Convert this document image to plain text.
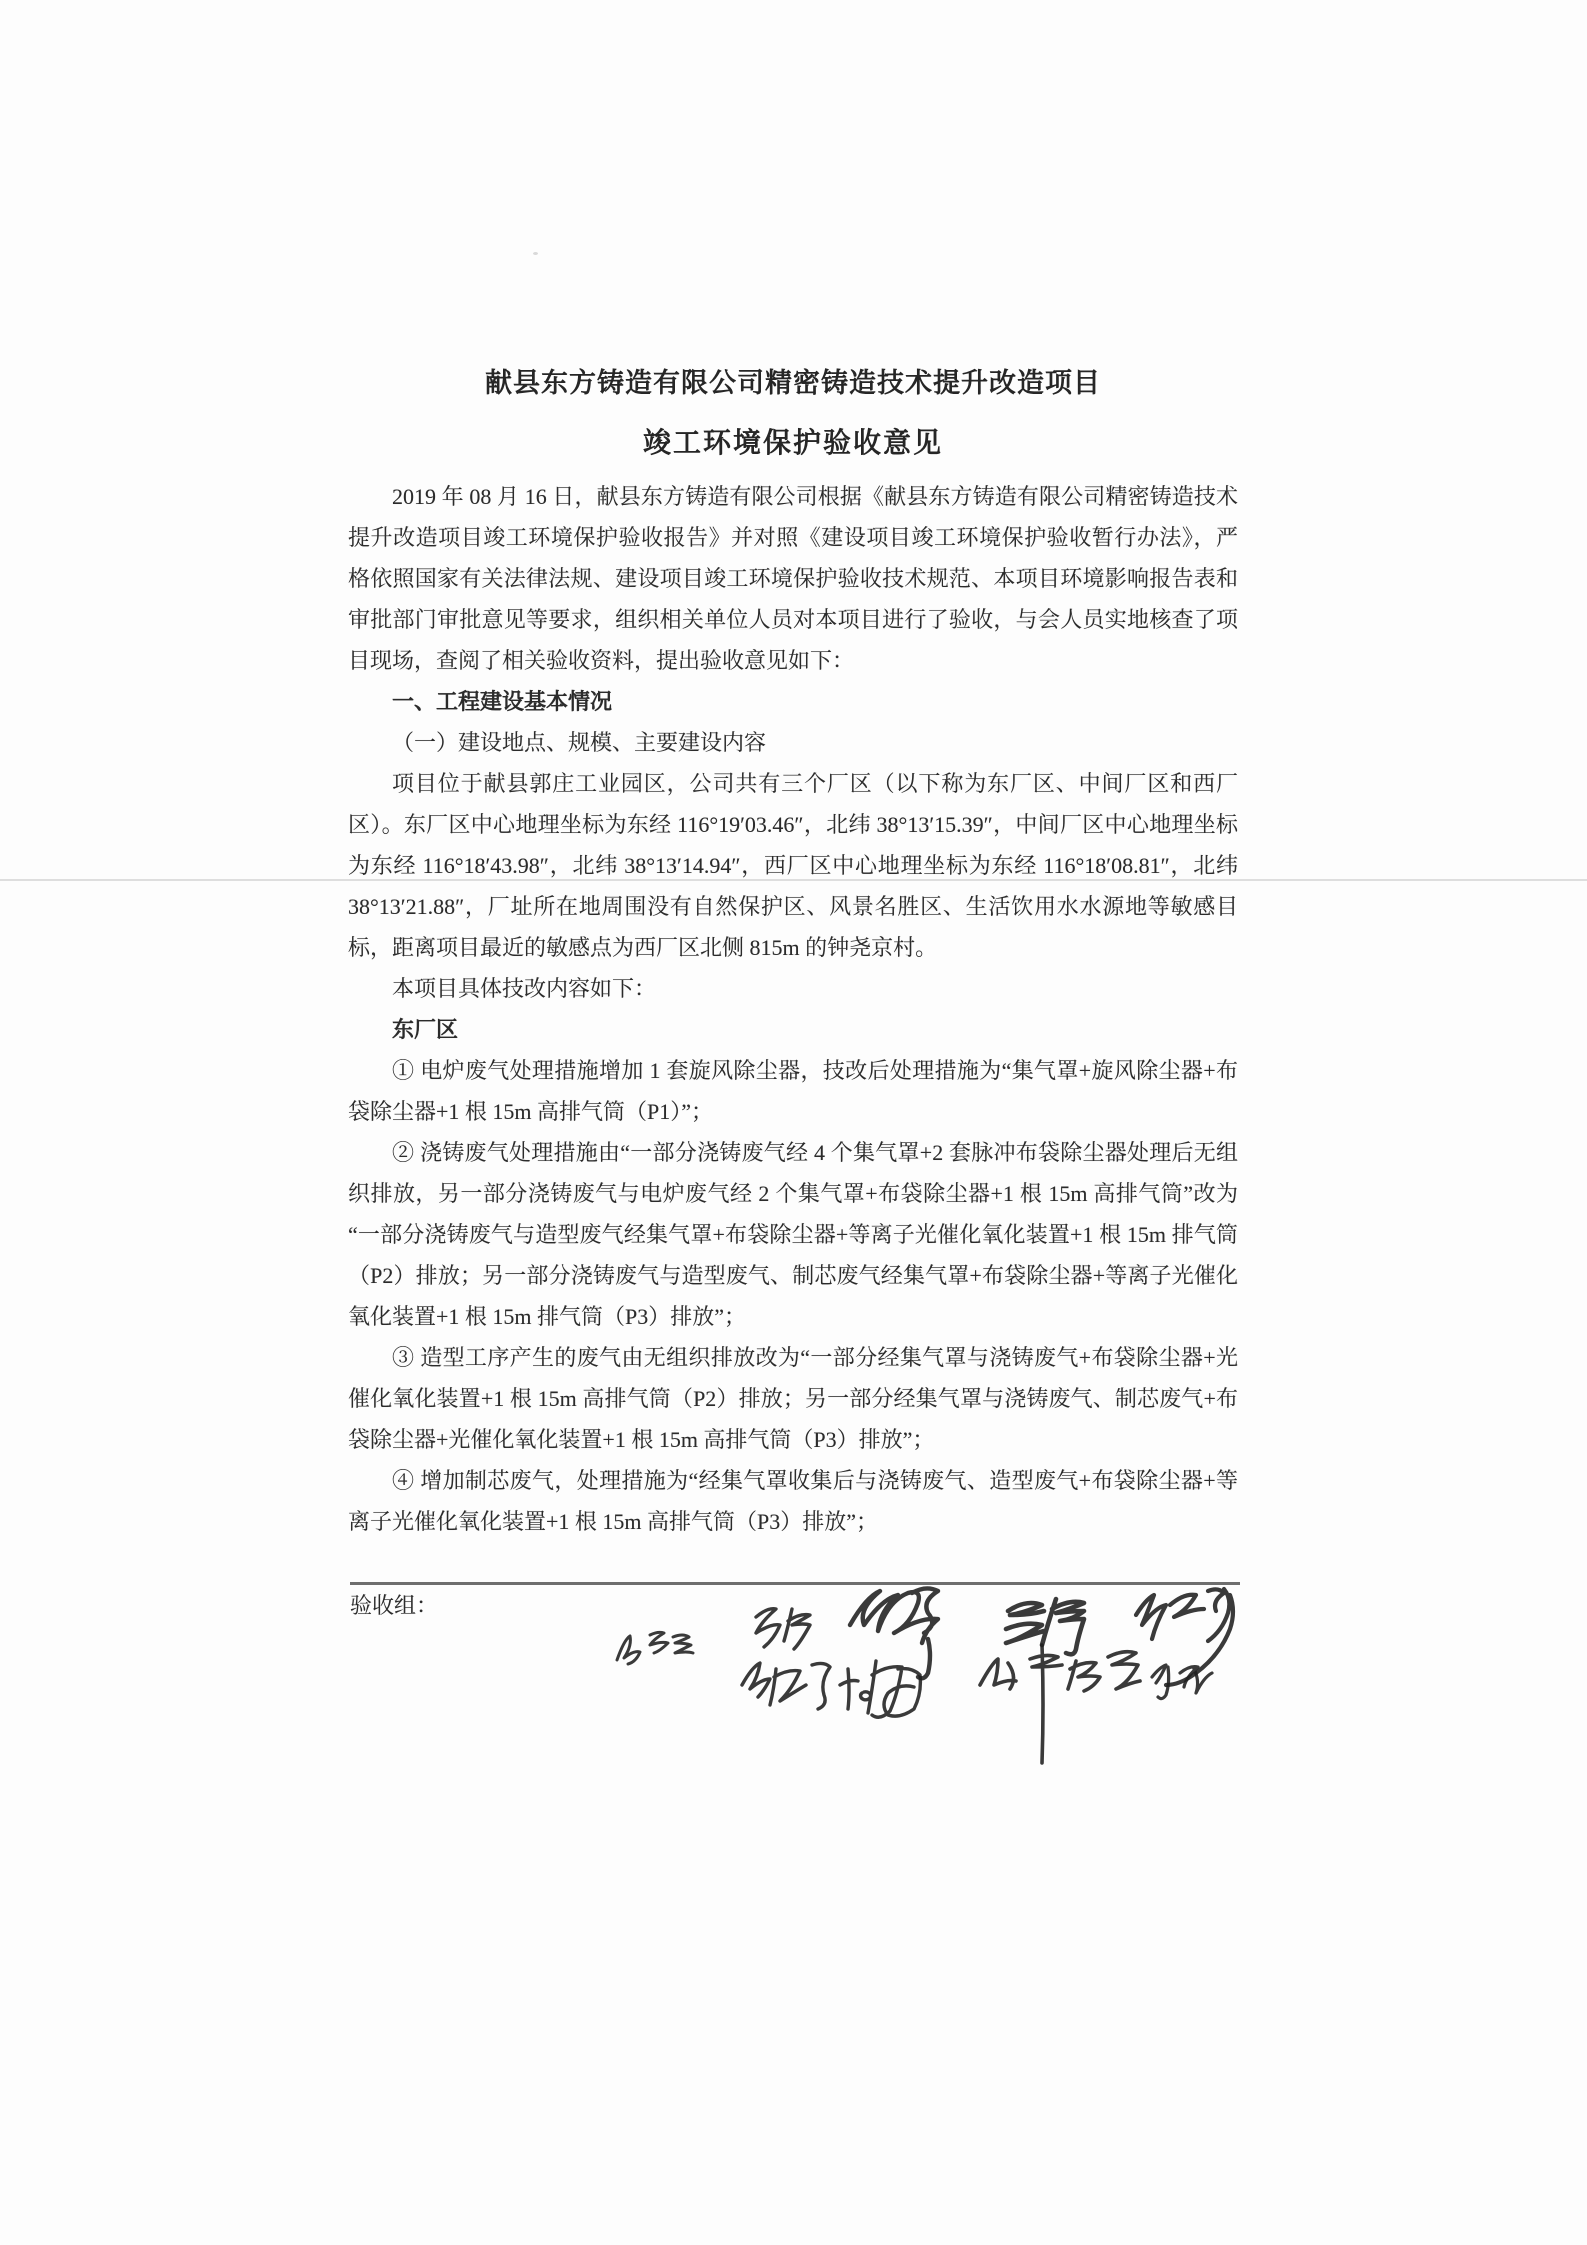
献县东方铸造有限公司精密铸造技术提升改造项目
竣工环境保护验收意见

2019 年 08 月 16 日，献县东方铸造有限公司根据《献县东方铸造有限公司精密铸造技术提升改造项目竣工环境保护验收报告》并对照《建设项目竣工环境保护验收暂行办法》，严格依照国家有关法律法规、建设项目竣工环境保护验收技术规范、本项目环境影响报告表和审批部门审批意见等要求，组织相关单位人员对本项目进行了验收，与会人员实地核查了项目现场，查阅了相关验收资料，提出验收意见如下：

一、工程建设基本情况

（一）建设地点、规模、主要建设内容

项目位于献县郭庄工业园区，公司共有三个厂区（以下称为东厂区、中间厂区和西厂区）。东厂区中心地理坐标为东经 116°19′03.46″，北纬 38°13′15.39″，中间厂区中心地理坐标为东经 116°18′43.98″，北纬 38°13′14.94″，西厂区中心地理坐标为东经 116°18′08.81″，北纬 38°13′21.88″，厂址所在地周围没有自然保护区、风景名胜区、生活饮用水水源地等敏感目标，距离项目最近的敏感点为西厂区北侧 815m 的钟尧京村。

本项目具体技改内容如下：

东厂区

① 电炉废气处理措施增加 1 套旋风除尘器，技改后处理措施为“集气罩+旋风除尘器+布袋除尘器+1 根 15m 高排气筒（P1）”；

② 浇铸废气处理措施由“一部分浇铸废气经 4 个集气罩+2 套脉冲布袋除尘器处理后无组织排放，另一部分浇铸废气与电炉废气经 2 个集气罩+布袋除尘器+1 根 15m 高排气筒”改为“一部分浇铸废气与造型废气经集气罩+布袋除尘器+等离子光催化氧化装置+1 根 15m 排气筒（P2）排放；另一部分浇铸废气与造型废气、制芯废气经集气罩+布袋除尘器+等离子光催化氧化装置+1 根 15m 排气筒（P3）排放”；

③ 造型工序产生的废气由无组织排放改为“一部分经集气罩与浇铸废气+布袋除尘器+光催化氧化装置+1 根 15m 高排气筒（P2）排放；另一部分经集气罩与浇铸废气、制芯废气+布袋除尘器+光催化氧化装置+1 根 15m 高排气筒（P3）排放”；

④ 增加制芯废气，处理措施为“经集气罩收集后与浇铸废气、造型废气+布袋除尘器+等离子光催化氧化装置+1 根 15m 高排气筒（P3）排放”；

验收组：
